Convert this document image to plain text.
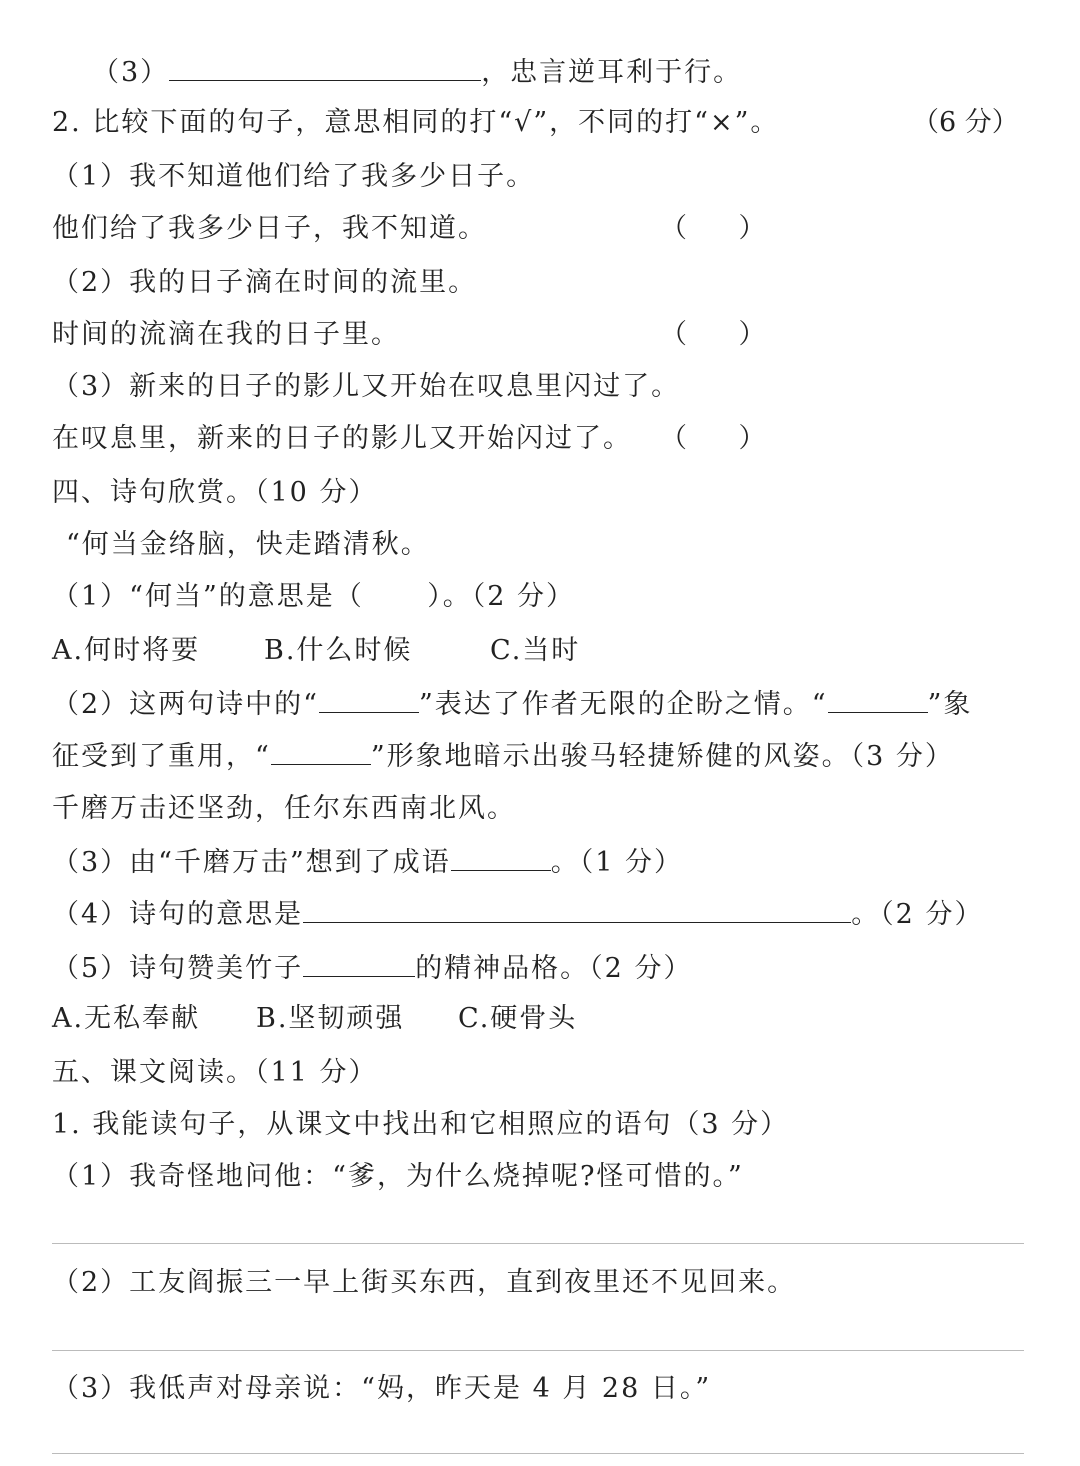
（3）	，忠言逆耳利于行。
2. 比较下面的句子，意思相同的打“√”，不同的打“×”。	（6 分）
（1）我不知道他们给了我多少日子。
他们给了我多少日子，我不知道。	（      ）
（2）我的日子滴在时间的流里。
时间的流滴在我的日子里。	（      ）
（3）新来的日子的影儿又开始在叹息里闪过了。
在叹息里，新来的日子的影儿又开始闪过了。 （      ）
四、诗句欣赏。（10 分）
“何当金络脑，快走踏清秋。
（1）“何当”的意思是（      ）。（2 分）
A.何时将要 B.什么时候	C.当时
（2）这两句诗中的“	”表达了作者无限的企盼之情。“	”象
征受到了重用，“	”形象地暗示出骏马轻捷矫健的风姿。（3 分）
千磨万击还坚劲，任尔东西南北风。
（3）由“千磨万击”想到了成语	。（1 分）
（4）诗句的意思是	。（2 分）
（5）诗句赞美竹子	的精神品格。（2 分）
A.无私奉献 B.坚韧顽强 C.硬骨头
五、课文阅读。（11 分）
1. 我能读句子，从课文中找出和它相照应的语句（3 分）
（1）我奇怪地问他：“爹，为什么烧掉呢?怪可惜的。”
（2）工友阎振三一早上街买东西，直到夜里还不见回来。
（3）我低声对母亲说：“妈，昨天是 4 月 28 日。”
